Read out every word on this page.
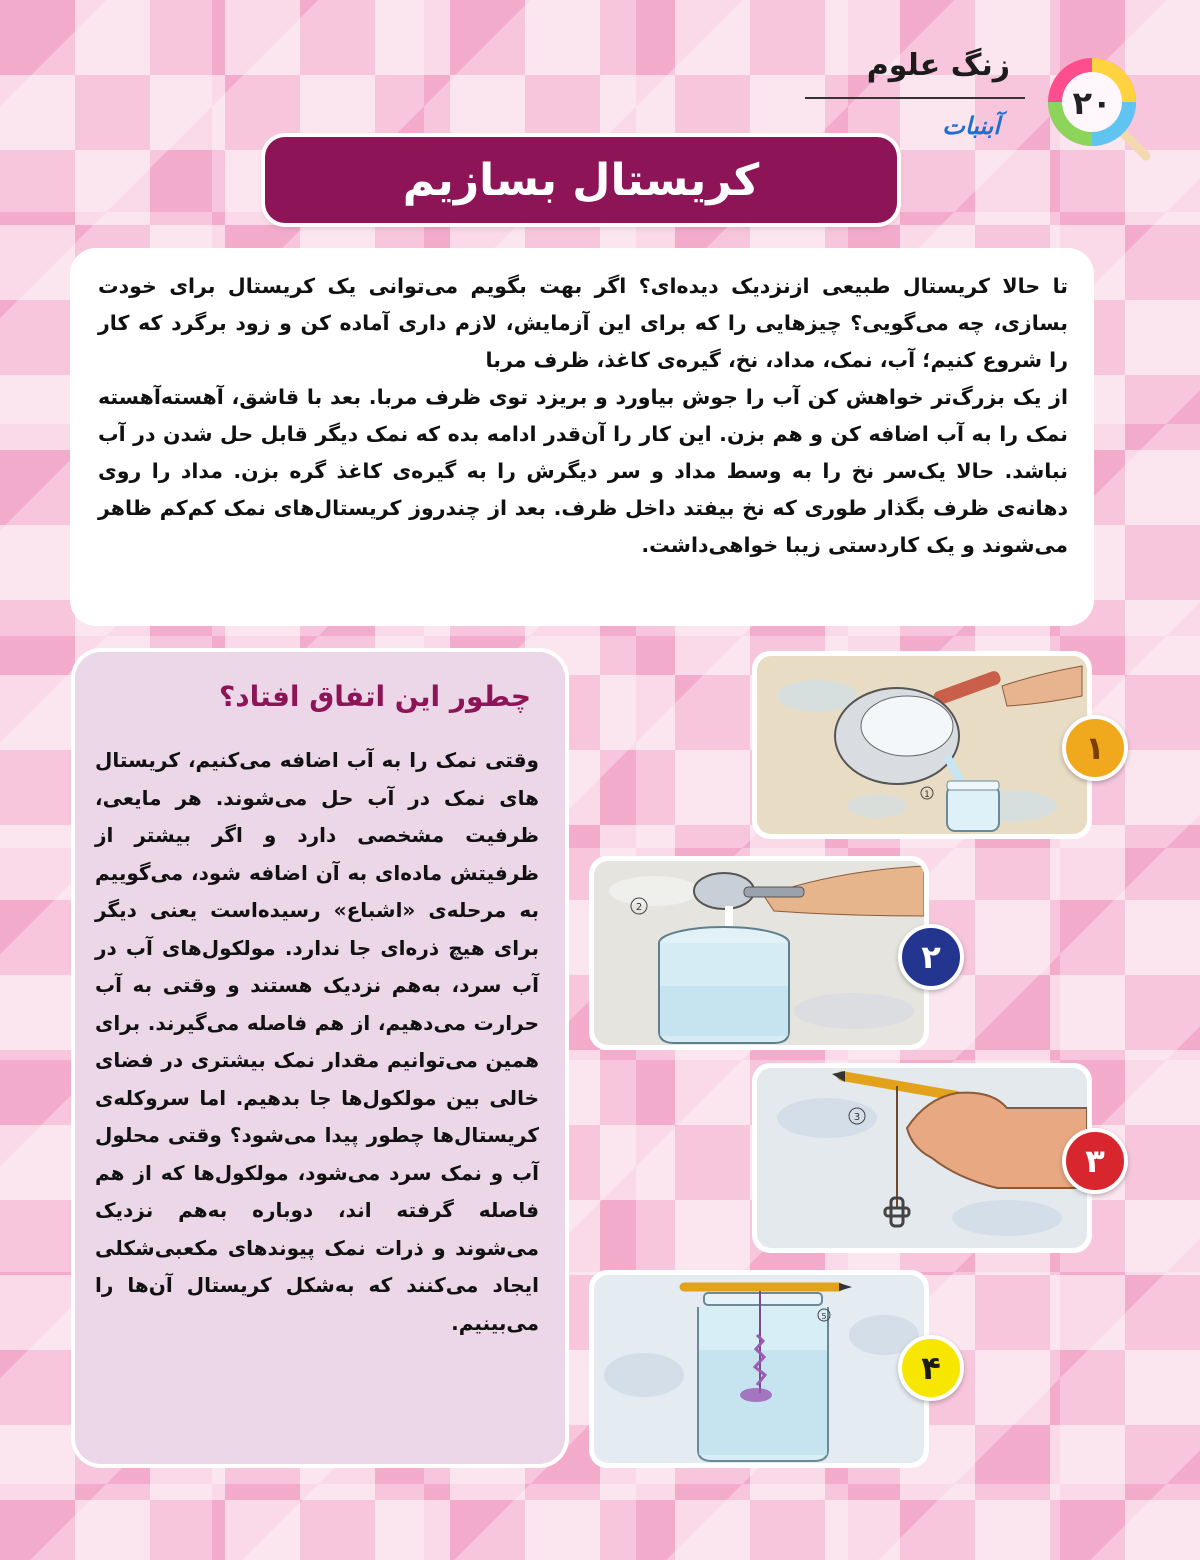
زنگ علوم
آبنبات
۲۰
کریستال بسازیم

تا حالا کریستال طبیعی ازنزدیک دیده‌ای؟ اگر بهت بگویم می‌توانی یک کریستال برای خودت بسازی، چه می‌گویی؟ چیزهایی را که برای این آزمایش، لازم داری آماده کن و زود برگرد که کار را شروع کنیم؛ آب، نمک، مداد، نخ، گیره‌ی کاغذ، ظرف مربا

از یک بزرگ‌تر خواهش کن آب را جوش بیاورد و بریزد توی ظرف مربا. بعد با قاشق، آهسته‌آهسته نمک را به آب اضافه کن و هم بزن. این کار را آن‌قدر ادامه بده که نمک دیگر قابل حل شدن در آب نباشد. حالا یک‌سر نخ را به وسط مداد و سر دیگرش را به گیره‌ی کاغذ گره بزن. مداد را روی دهانه‌ی ظرف بگذار طوری که نخ بیفتد داخل ظرف. بعد از چندروز کریستال‌های نمک کم‌کم ظاهر می‌شوند و یک کاردستی زیبا خواهی‌داشت.

چطور این اتفاق افتاد؟
وقتی نمک را به آب اضافه می‌کنیم، کریستال های نمک در آب حل می‌شوند. هر مایعی، ظرفیت مشخصی دارد و اگر بیشتر از ظرفیتش ماده‌ای به آن اضافه شود، می‌گوییم به مرحله‌ی «اشباع» رسیده‌است یعنی دیگر برای هیچ ذره‌ای جا ندارد. مولکول‌های آب در آب سرد، به‌هم نزدیک هستند و وقتی به آب حرارت می‌دهیم، از هم فاصله می‌گیرند. برای همین می‌توانیم مقدار نمک بیشتری در فضای خالی بین مولکول‌ها جا بدهیم. اما سروکله‌ی کریستال‌ها چطور پیدا می‌شود؟ وقتی محلول آب و نمک سرد می‌شود، مولکول‌ها که از هم فاصله گرفته اند، دوباره به‌هم نزدیک می‌شوند و ذرات نمک پیوندهای مکعبی‌شکلی ایجاد می‌کنند که به‌شکل کریستال آن‌ها را می‌بینیم.
1
۱
2
۲
3
۳
5
۴
